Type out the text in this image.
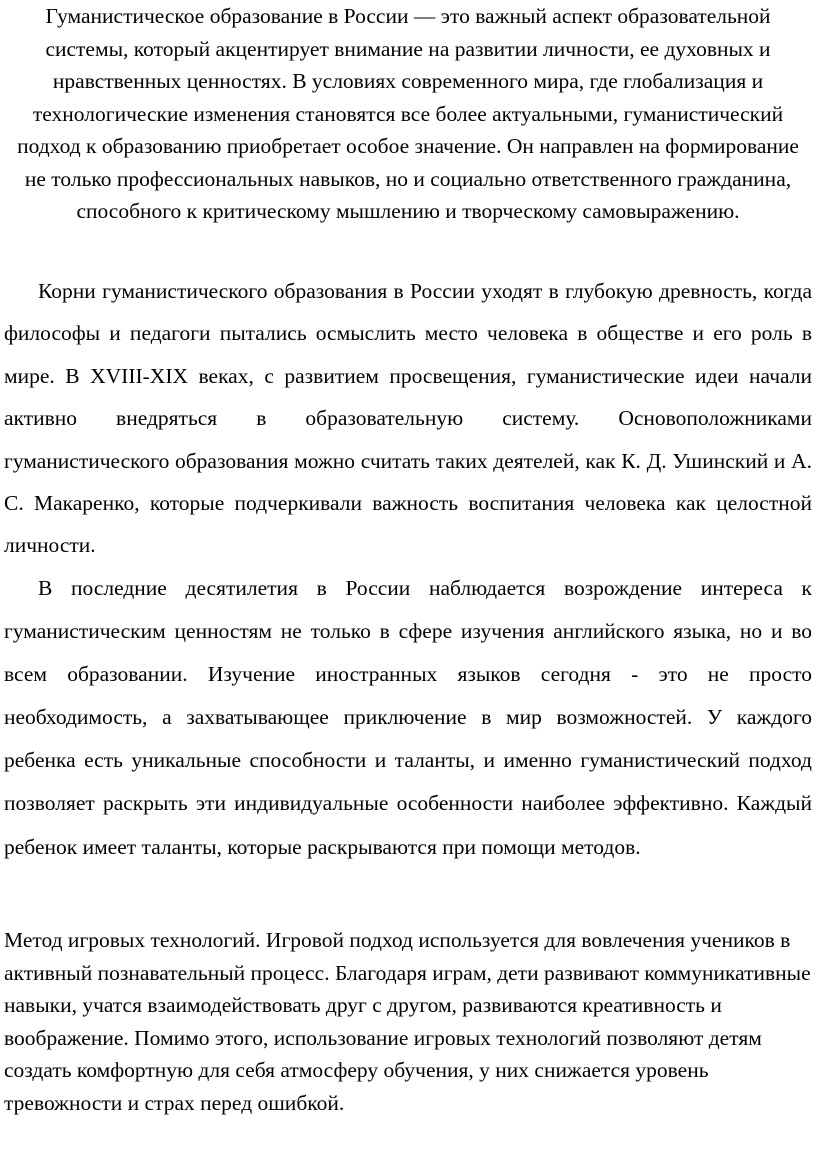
Гуманистическое образование в России — это важный аспект образовательной системы, который акцентирует внимание на развитии личности, ее духовных и нравственных ценностях. В условиях современного мира, где глобализация и технологические изменения становятся все более актуальными, гуманистический подход к образованию приобретает особое значение. Он направлен на формирование не только профессиональных навыков, но и социально ответственного гражданина, способного к критическому мышлению и творческому самовыражению.

Корни гуманистического образования в России уходят в глубокую древность, когда философы и педагоги пытались осмыслить место человека в обществе и его роль в мире. В XVIII-XIX веках, с развитием просвещения, гуманистические идеи начали активно внедряться в образовательную систему. Основоположниками гуманистического образования можно считать таких деятелей, как К. Д. Ушинский и А. С. Макаренко, которые подчеркивали важность воспитания человека как целостной личности.

В последние десятилетия в России наблюдается возрождение интереса к гуманистическим ценностям не только в сфере изучения английского языка, но и во всем образовании. Изучение иностранных языков сегодня - это не просто необходимость, а захватывающее приключение в мир возможностей. У каждого ребенка есть уникальные способности и таланты, и именно гуманистический подход позволяет раскрыть эти индивидуальные особенности наиболее эффективно. Каждый ребенок имеет таланты, которые раскрываются при помощи методов.

Метод игровых технологий. Игровой подход используется для вовлечения учеников в активный познавательный процесс. Благодаря играм, дети развивают коммуникативные навыки, учатся взаимодействовать друг с другом, развиваются креативность и воображение. Помимо этого, использование игровых технологий позволяют детям создать комфортную для себя атмосферу обучения, у них снижается уровень тревожности и страх перед ошибкой.
